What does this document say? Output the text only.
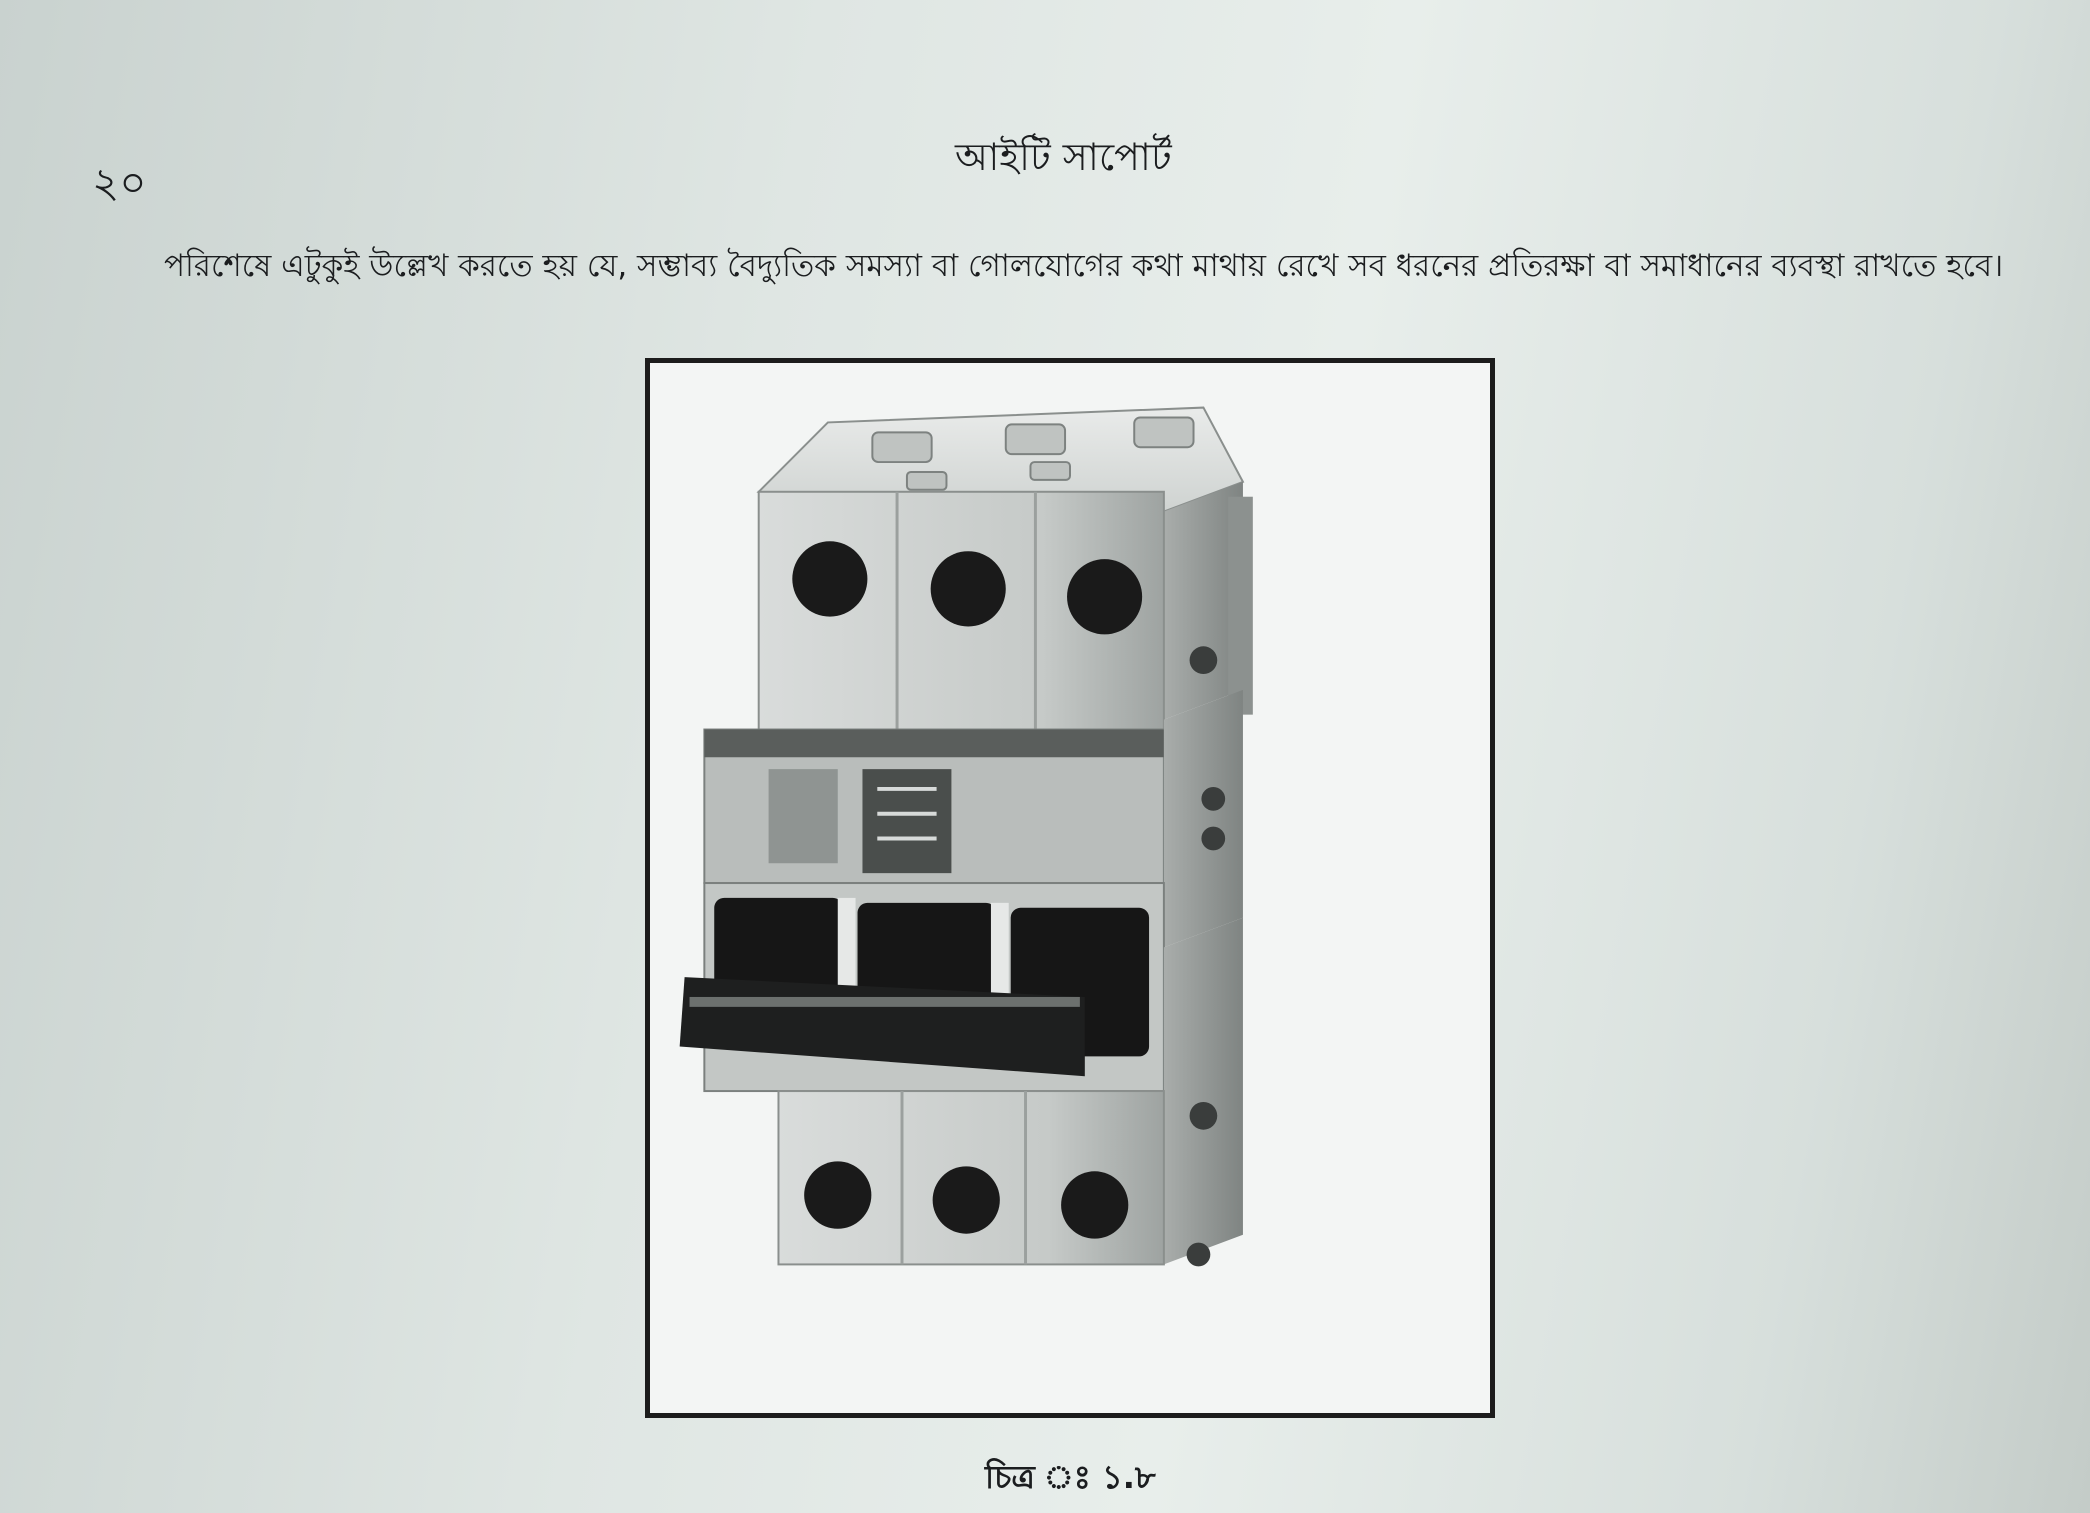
২০
আইটি সাপোর্ট

পরিশেষে এটুকুই উল্লেখ করতে হয় যে, সম্ভাব্য বৈদ্যুতিক সমস্যা বা গোলযোগের কথা মাথায় রেখে সব ধরনের প্রতিরক্ষা বা সমাধানের ব্যবস্থা রাখতে হবে।

চিত্র ঃ ১.৮
